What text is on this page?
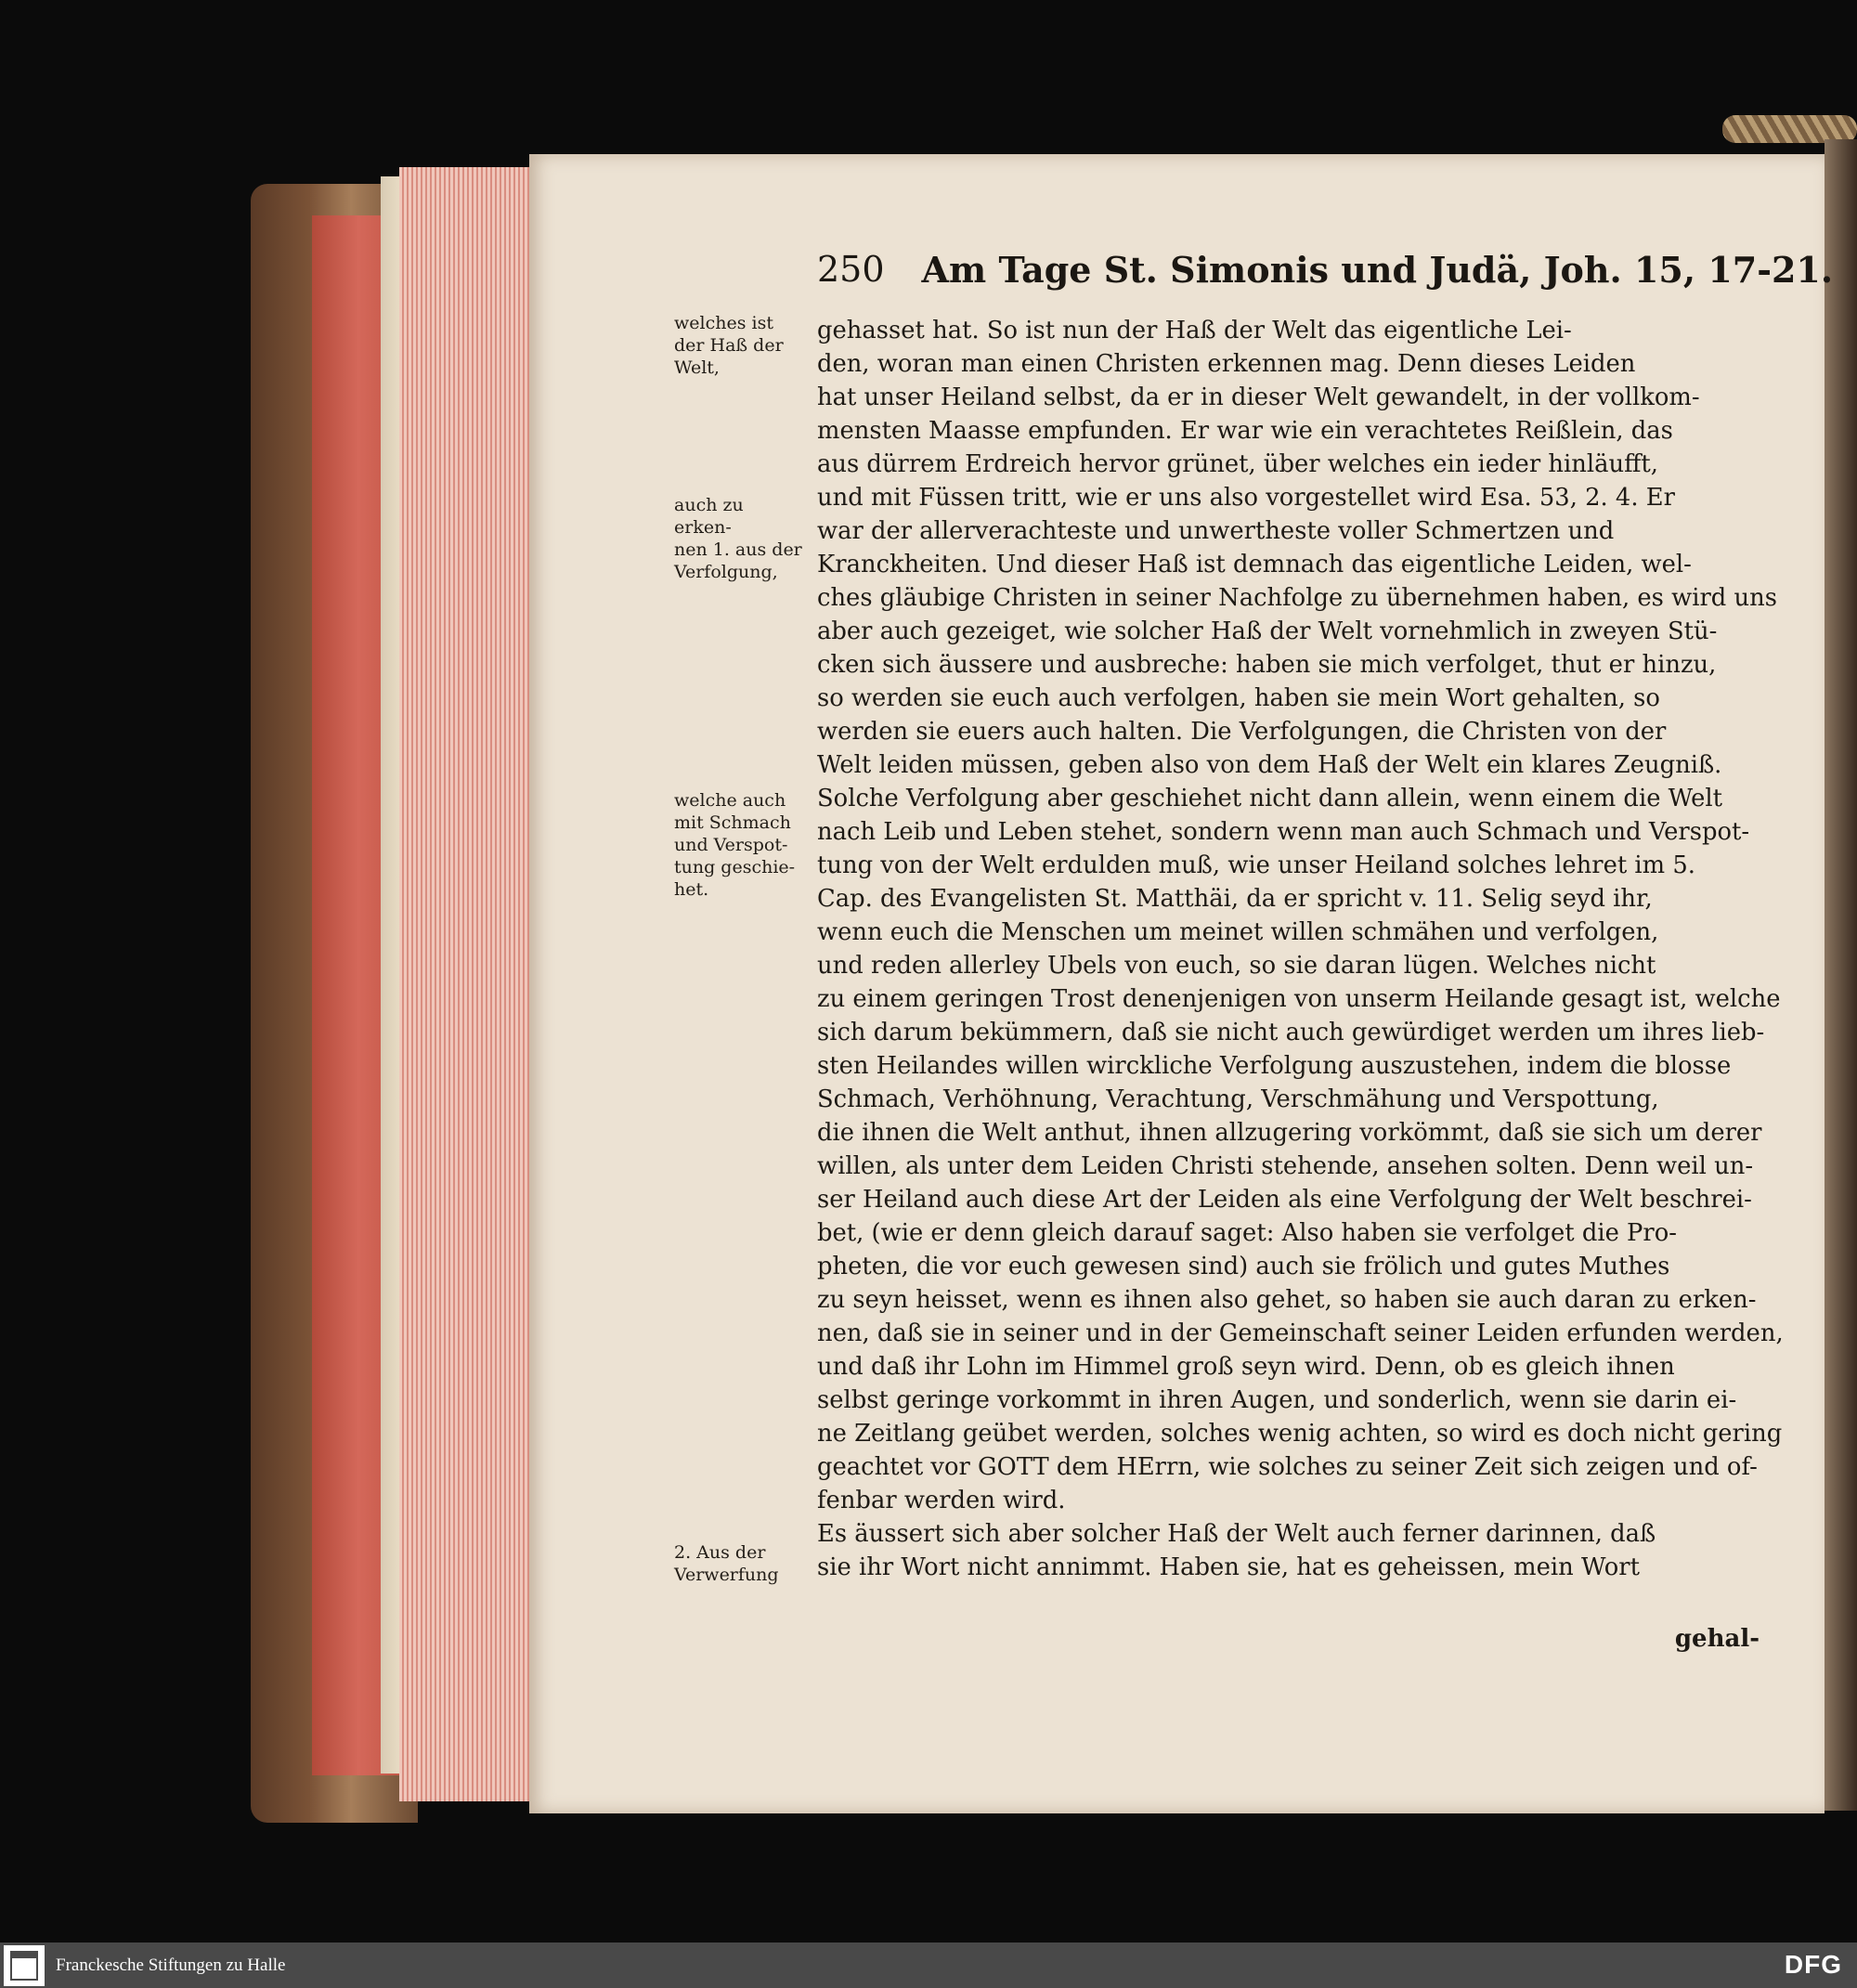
250 Am Tage St. Simonis und Judä, Joh. 15, 17-21.
welches ist
der Haß der
Welt,
auch zu erken-
nen 1. aus der
Verfolgung,
welche auch
mit Schmach
und Verspot-
tung geschie-
het.
2. Aus der
Verwerfung
gehasset hat. So ist nun der Haß der Welt das eigentliche Lei-
den, woran man einen Christen erkennen mag. Denn dieses Leiden
hat unser Heiland selbst, da er in dieser Welt gewandelt, in der vollkom-
mensten Maasse empfunden. Er war wie ein verachtetes Reißlein, das
aus dürrem Erdreich hervor grünet, über welches ein ieder hinläufft,
und mit Füssen tritt, wie er uns also vorgestellet wird Esa. 53, 2. 4. Er
war der allerverachteste und unwertheste voller Schmertzen und
Kranckheiten. Und dieser Haß ist demnach das eigentliche Leiden, wel-
ches gläubige Christen in seiner Nachfolge zu übernehmen haben, es wird uns
aber auch gezeiget, wie solcher Haß der Welt vornehmlich in zweyen Stü-
cken sich äussere und ausbreche: haben sie mich verfolget, thut er hinzu,
so werden sie euch auch verfolgen, haben sie mein Wort gehalten, so
werden sie euers auch halten. Die Verfolgungen, die Christen von der
Welt leiden müssen, geben also von dem Haß der Welt ein klares Zeugniß.
Solche Verfolgung aber geschiehet nicht dann allein, wenn einem die Welt
nach Leib und Leben stehet, sondern wenn man auch Schmach und Verspot-
tung von der Welt erdulden muß, wie unser Heiland solches lehret im 5.
Cap. des Evangelisten St. Matthäi, da er spricht v. 11. Selig seyd ihr,
wenn euch die Menschen um meinet willen schmähen und verfolgen,
und reden allerley Ubels von euch, so sie daran lügen. Welches nicht
zu einem geringen Trost denenjenigen von unserm Heilande gesagt ist, welche
sich darum bekümmern, daß sie nicht auch gewürdiget werden um ihres lieb-
sten Heilandes willen wirckliche Verfolgung auszustehen, indem die blosse
Schmach, Verhöhnung, Verachtung, Verschmähung und Verspottung,
die ihnen die Welt anthut, ihnen allzugering vorkömmt, daß sie sich um derer
willen, als unter dem Leiden Christi stehende, ansehen solten. Denn weil un-
ser Heiland auch diese Art der Leiden als eine Verfolgung der Welt beschrei-
bet, (wie er denn gleich darauf saget: Also haben sie verfolget die Pro-
pheten, die vor euch gewesen sind) auch sie frölich und gutes Muthes
zu seyn heisset, wenn es ihnen also gehet, so haben sie auch daran zu erken-
nen, daß sie in seiner und in der Gemeinschaft seiner Leiden erfunden werden,
und daß ihr Lohn im Himmel groß seyn wird. Denn, ob es gleich ihnen
selbst geringe vorkommt in ihren Augen, und sonderlich, wenn sie darin ei-
ne Zeitlang geübet werden, solches wenig achten, so wird es doch nicht gering
geachtet vor GOTT dem HErrn, wie solches zu seiner Zeit sich zeigen und of-
fenbar werden wird.
Es äussert sich aber solcher Haß der Welt auch ferner darinnen, daß
sie ihr Wort nicht annimmt. Haben sie, hat es geheissen, mein Wort
gehal-
Franckesche Stiftungen zu Halle	DFG
